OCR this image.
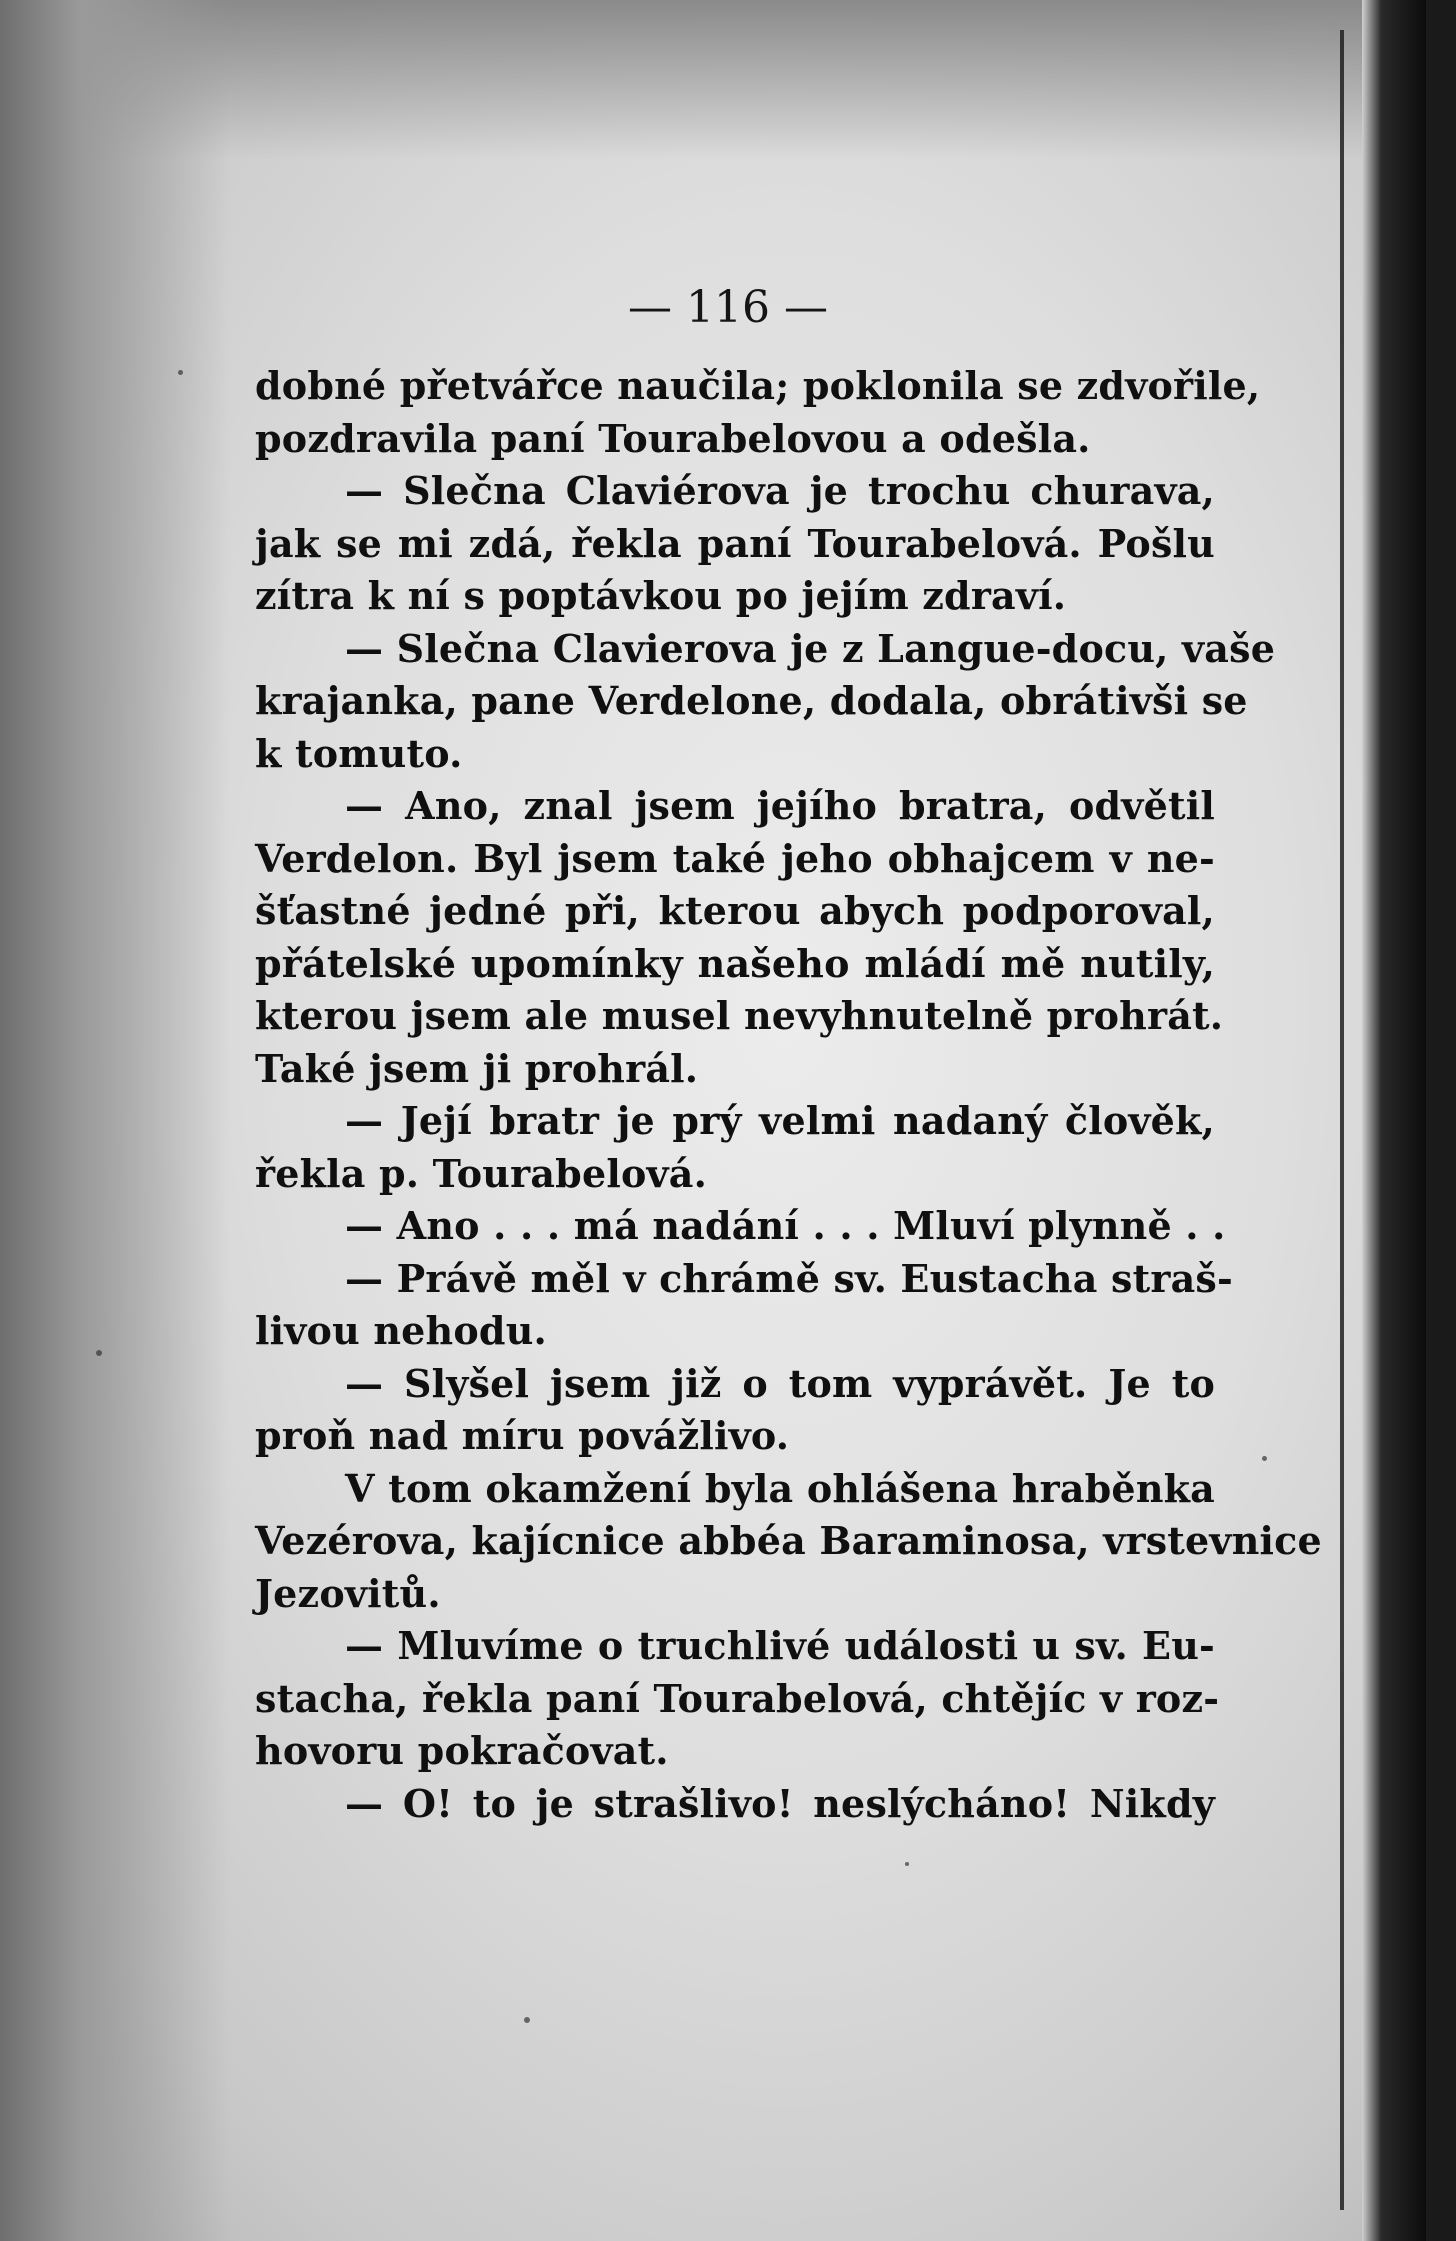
— 116 —
dobné přetvářce naučila; poklonila se zdvořile,
pozdravila paní Tourabelovou a odešla.
— Slečna Claviérova je trochu churava,
jak se mi zdá, řekla paní Tourabelová. Pošlu
zítra k ní s poptávkou po jejím zdraví.
— Slečna Clavierova je z Langue-docu, vaše
krajanka, pane Verdelone, dodala, obrátivši se
k tomuto.
— Ano, znal jsem jejího bratra, odvětil
Verdelon. Byl jsem také jeho obhajcem v ne-
šťastné jedné při, kterou abych podporoval,
přátelské upomínky našeho mládí mě nutily,
kterou jsem ale musel nevyhnutelně prohrát.
Také jsem ji prohrál.
— Její bratr je prý velmi nadaný člověk,
řekla p. Tourabelová.
— Ano . . . má nadání . . . Mluví plynně . .
— Právě měl v chrámě sv. Eustacha straš-
livou nehodu.
— Slyšel jsem již o tom vyprávět. Je to
proň nad míru povážlivo.
V tom okamžení byla ohlášena hraběnka
Vezérova, kajícnice abbéa Baraminosa, vrstevnice
Jezovitů.
— Mluvíme o truchlivé události u sv. Eu-
stacha, řekla paní Tourabelová, chtějíc v roz-
hovoru pokračovat.
— O! to je strašlivo! neslýcháno! Nikdy
